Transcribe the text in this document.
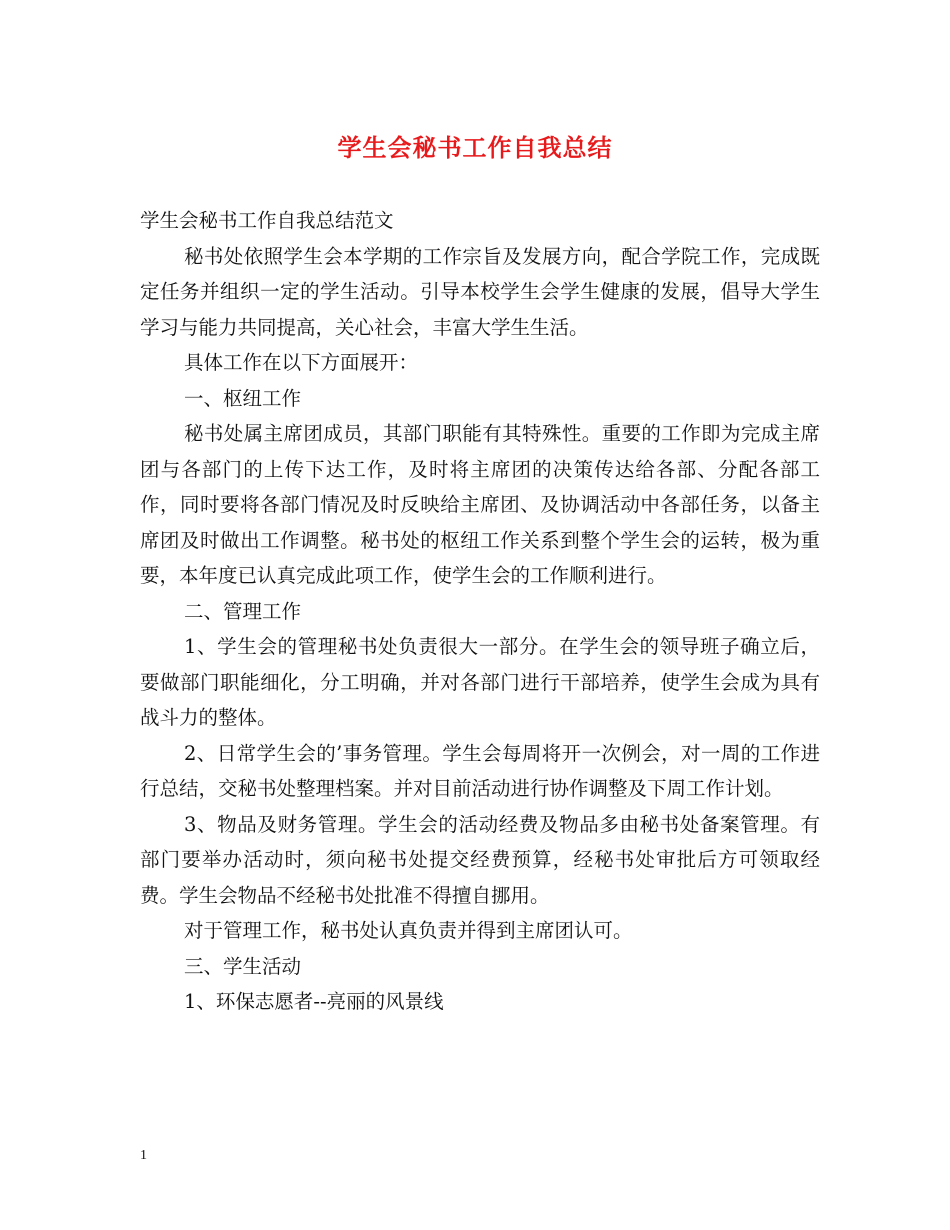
学生会秘书工作自我总结

学生会秘书工作自我总结范文

秘书处依照学生会本学期的工作宗旨及发展方向，配合学院工作，完成既定任务并组织一定的学生活动。引导本校学生会学生健康的发展，倡导大学生学习与能力共同提高，关心社会，丰富大学生生活。

具体工作在以下方面展开：

一、枢纽工作

秘书处属主席团成员，其部门职能有其特殊性。重要的工作即为完成主席团与各部门的上传下达工作，及时将主席团的决策传达给各部、分配各部工作，同时要将各部门情况及时反映给主席团、及协调活动中各部任务，以备主席团及时做出工作调整。秘书处的枢纽工作关系到整个学生会的运转，极为重要，本年度已认真完成此项工作，使学生会的工作顺利进行。

二、管理工作

1、学生会的管理秘书处负责很大一部分。在学生会的领导班子确立后，要做部门职能细化，分工明确，并对各部门进行干部培养，使学生会成为具有战斗力的整体。

2、日常学生会的’事务管理。学生会每周将开一次例会，对一周的工作进行总结，交秘书处整理档案。并对目前活动进行协作调整及下周工作计划。

3、物品及财务管理。学生会的活动经费及物品多由秘书处备案管理。有部门要举办活动时，须向秘书处提交经费预算，经秘书处审批后方可领取经费。学生会物品不经秘书处批准不得擅自挪用。

对于管理工作，秘书处认真负责并得到主席团认可。

三、学生活动

1、环保志愿者--亮丽的风景线

1
